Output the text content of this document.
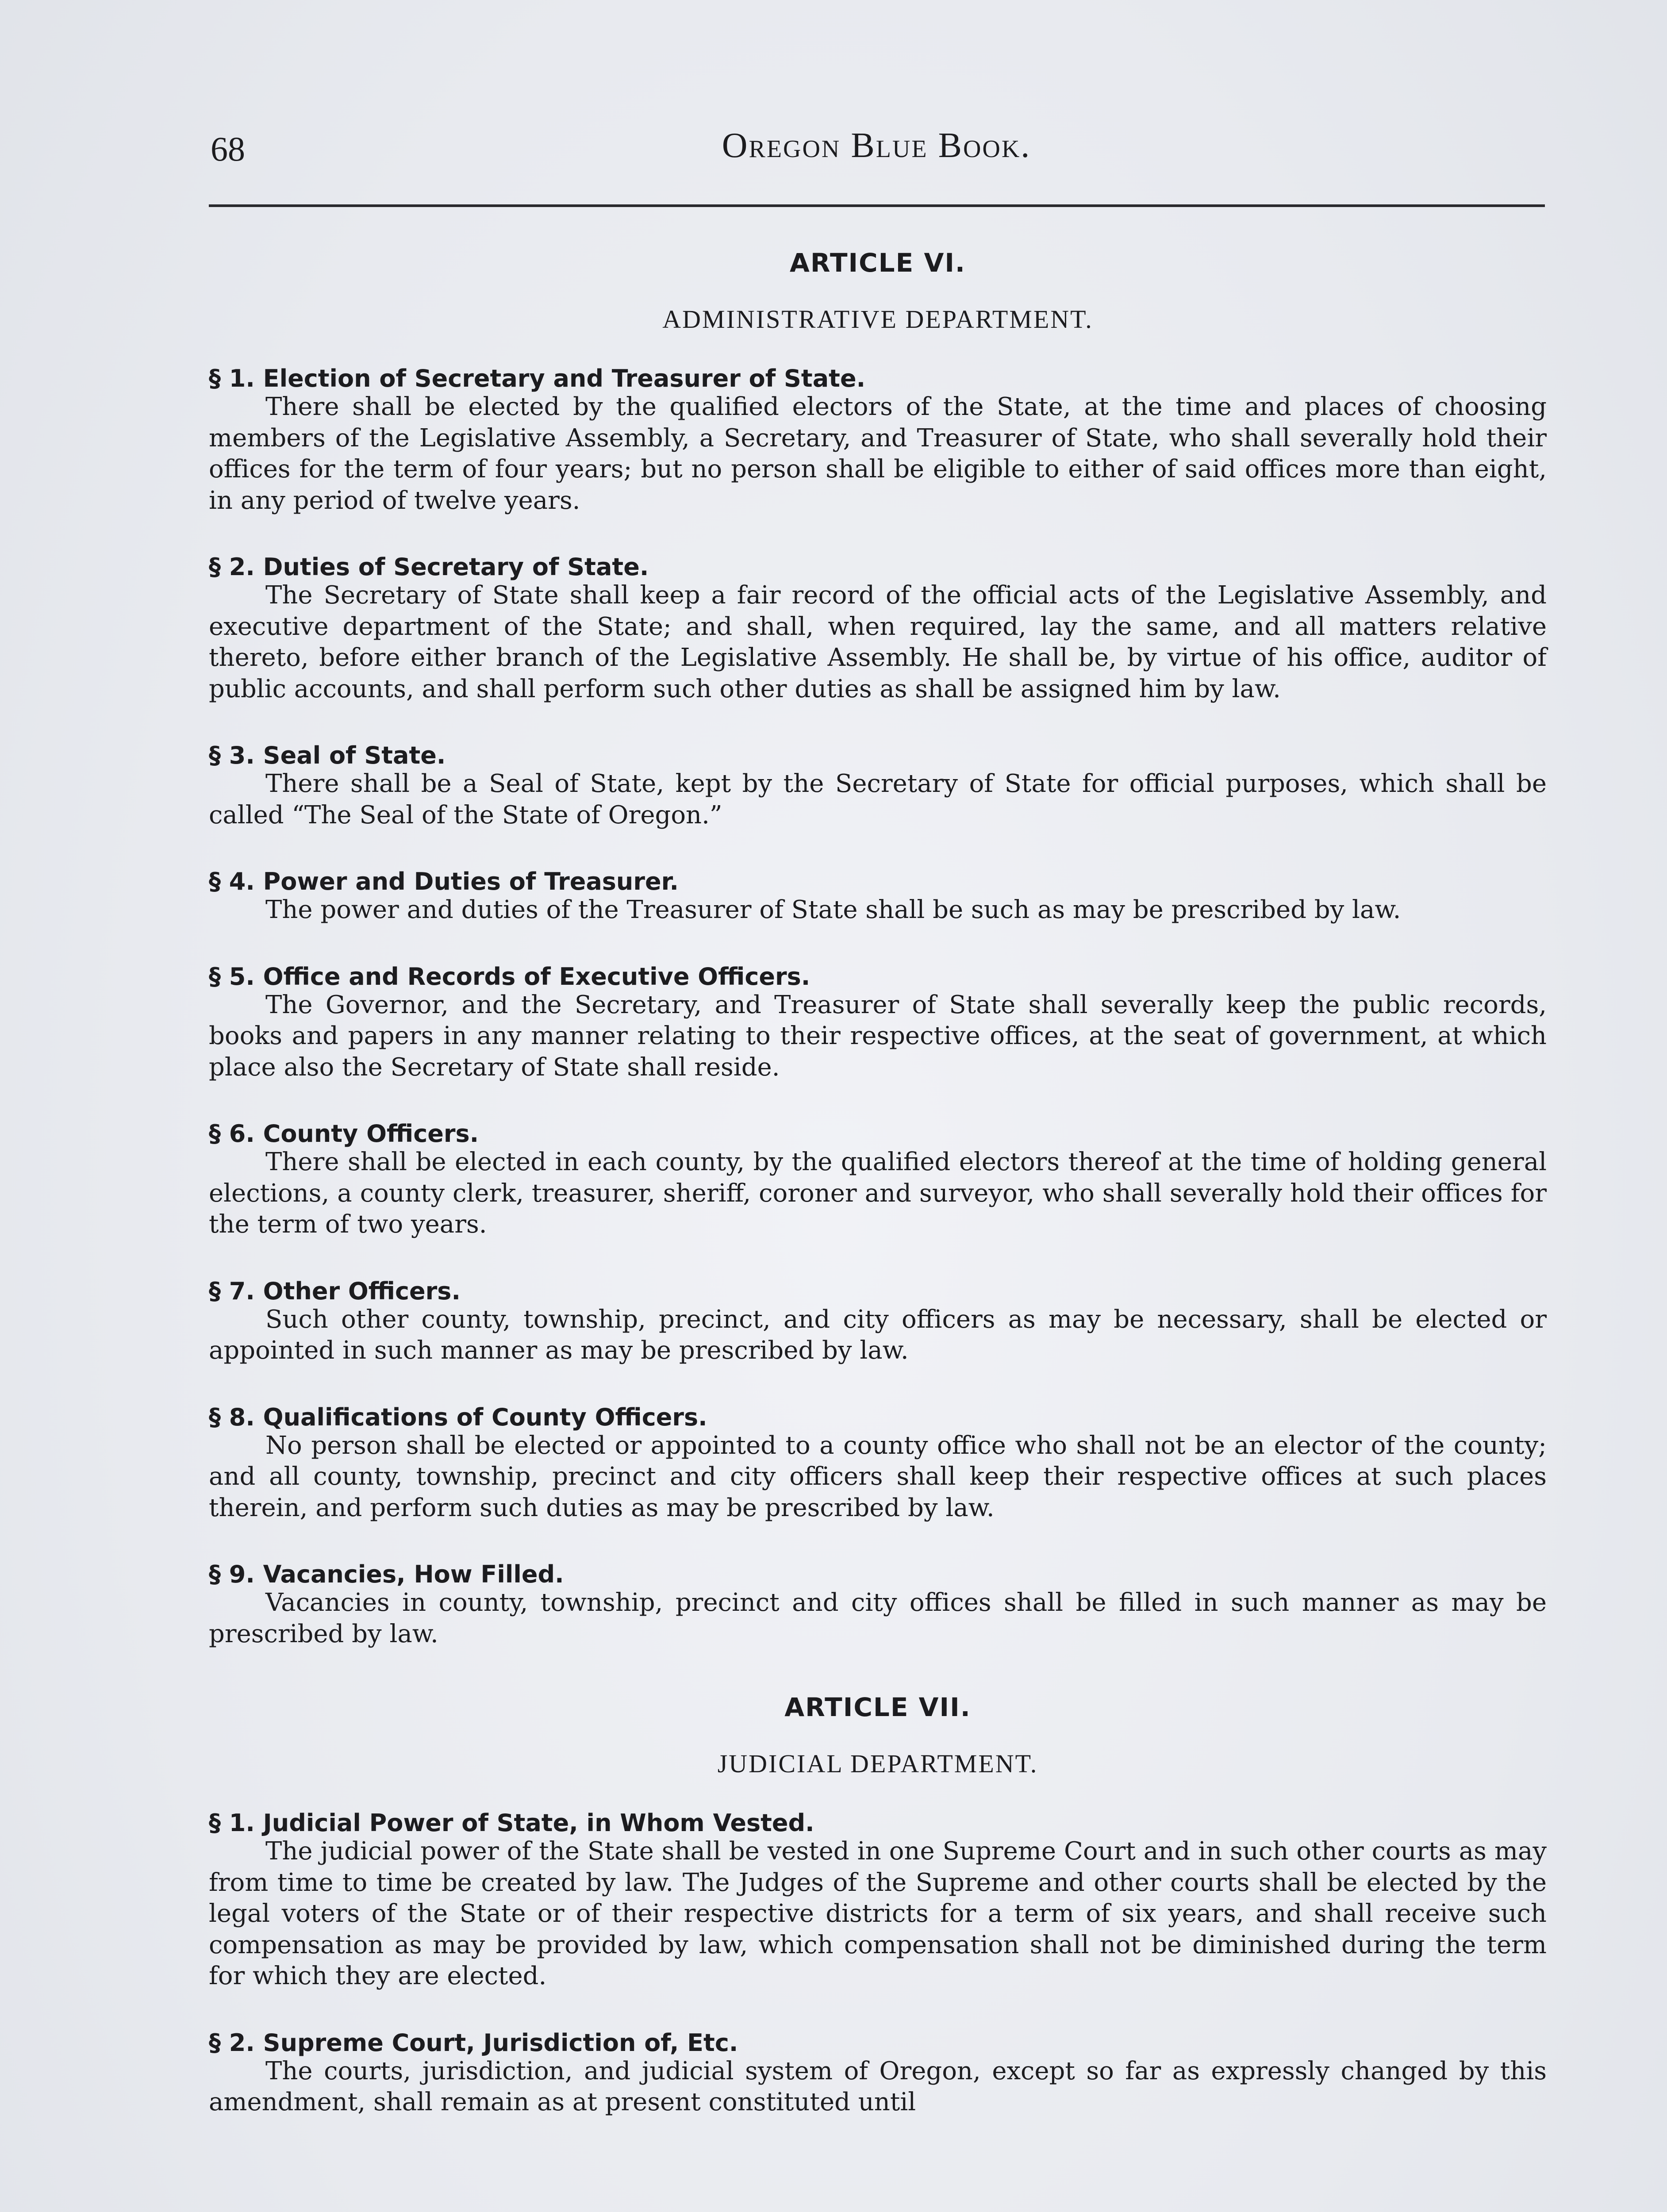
68	Oregon Blue Book.
ARTICLE VI.
ADMINISTRATIVE DEPARTMENT.

§ 1. Election of Secretary and Treasurer of State.

There shall be elected by the qualified electors of the State, at the time and places of choosing members of the Legislative Assembly, a Secretary, and Treasurer of State, who shall severally hold their offices for the term of four years; but no person shall be eligible to either of said offices more than eight, in any period of twelve years.

§ 2. Duties of Secretary of State.

The Secretary of State shall keep a fair record of the official acts of the Legislative Assembly, and executive department of the State; and shall, when required, lay the same, and all matters relative thereto, before either branch of the Legislative Assembly. He shall be, by virtue of his office, auditor of public accounts, and shall perform such other duties as shall be assigned him by law.

§ 3. Seal of State.

There shall be a Seal of State, kept by the Secretary of State for official purposes, which shall be called “The Seal of the State of Oregon.”

§ 4. Power and Duties of Treasurer.

The power and duties of the Treasurer of State shall be such as may be prescribed by law.

§ 5. Office and Records of Executive Officers.

The Governor, and the Secretary, and Treasurer of State shall severally keep the public records, books and papers in any manner relating to their respective offices, at the seat of government, at which place also the Secretary of State shall reside.

§ 6. County Officers.

There shall be elected in each county, by the qualified electors thereof at the time of holding general elections, a county clerk, treasurer, sheriff, coroner and surveyor, who shall severally hold their offices for the term of two years.

§ 7. Other Officers.

Such other county, township, precinct, and city officers as may be necessary, shall be elected or appointed in such manner as may be prescribed by law.

§ 8. Qualifications of County Officers.

No person shall be elected or appointed to a county office who shall not be an elector of the county; and all county, township, precinct and city officers shall keep their respective offices at such places therein, and perform such duties as may be prescribed by law.

§ 9. Vacancies, How Filled.

Vacancies in county, township, precinct and city offices shall be filled in such manner as may be prescribed by law.

ARTICLE VII.
JUDICIAL DEPARTMENT.

§ 1. Judicial Power of State, in Whom Vested.

The judicial power of the State shall be vested in one Supreme Court and in such other courts as may from time to time be created by law. The Judges of the Supreme and other courts shall be elected by the legal voters of the State or of their respective districts for a term of six years, and shall receive such compensation as may be provided by law, which compensation shall not be diminished during the term for which they are elected.

§ 2. Supreme Court, Jurisdiction of, Etc.

The courts, jurisdiction, and judicial system of Oregon, except so far as expressly changed by this amendment, shall remain as at present constituted until
